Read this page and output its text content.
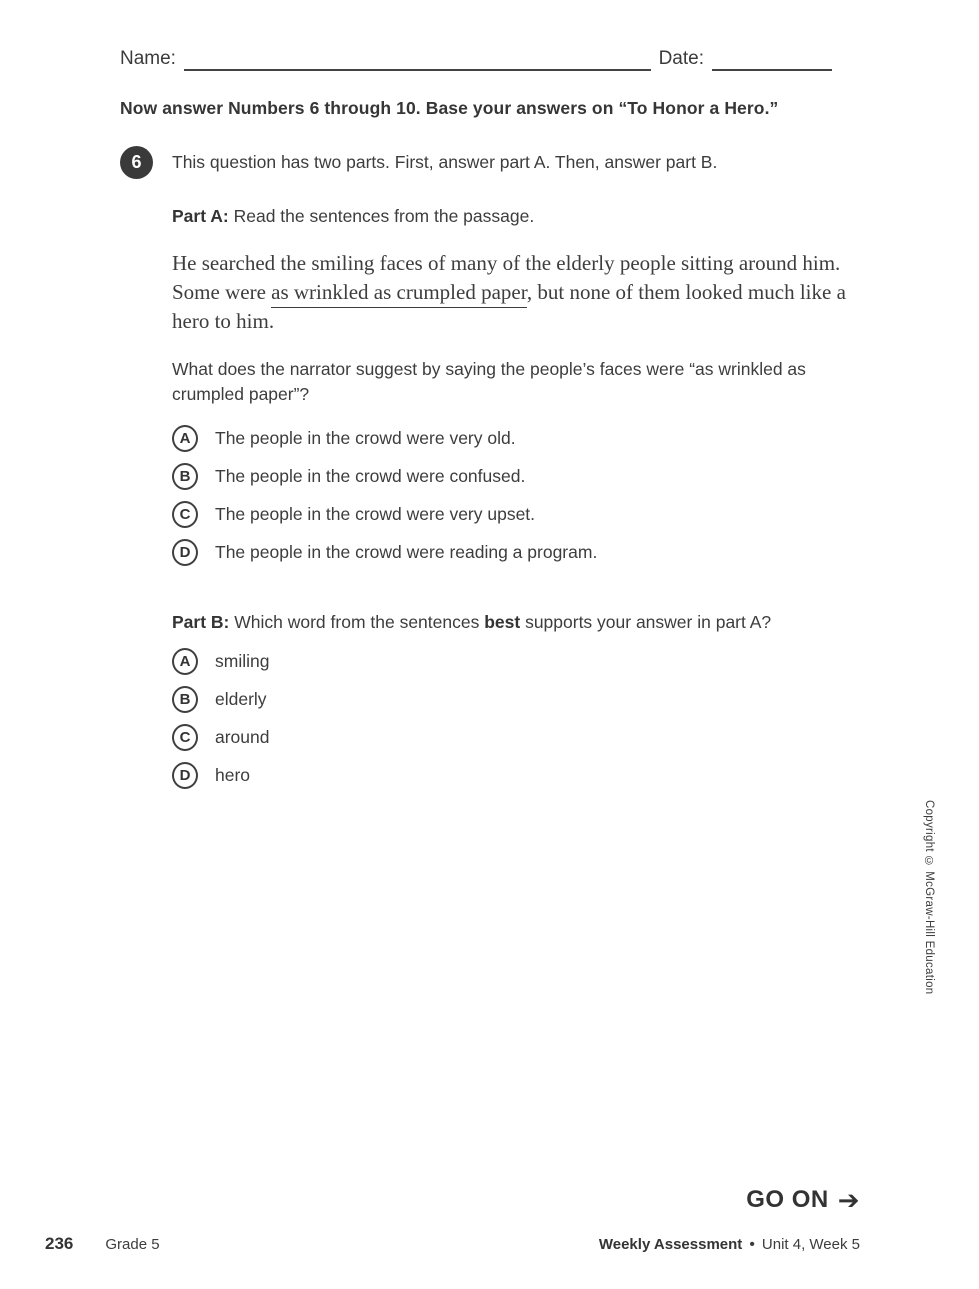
Name:	Date:

Now answer Numbers 6 through 10. Base your answers on “To Honor a Hero.”

6	This question has two parts. First, answer part A. Then, answer part B.

Part A: Read the sentences from the passage.

He searched the smiling faces of many of the elderly people sitting around him. Some were as wrinkled as crumpled paper, but none of them looked much like a hero to him.

What does the narrator suggest by saying the people’s faces were “as wrinkled as crumpled paper”?

A	The people in the crowd were very old.
B	The people in the crowd were confused.
C	The people in the crowd were very upset.
D	The people in the crowd were reading a program.

Part B: Which word from the sentences best supports your answer in part A?

A	smiling
B	elderly
C	around
D	hero
Copyright © McGraw-Hill Education
GO ON ➔
236 Grade 5	Weekly Assessment • Unit 4, Week 5
